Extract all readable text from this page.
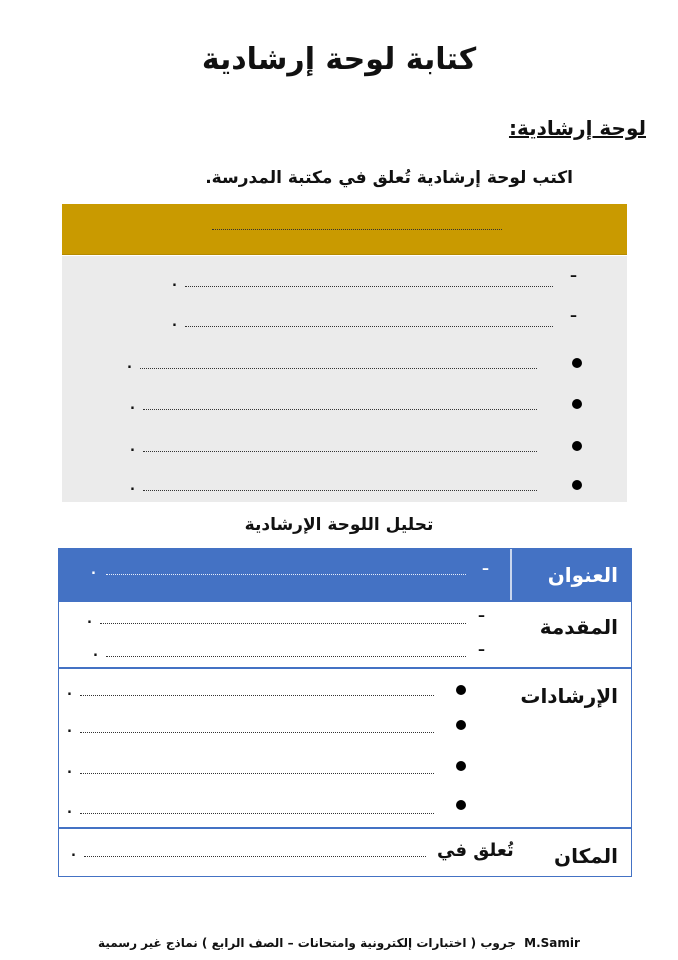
كتابة لوحة إرشادية
لوحة إرشادية:
اكتب لوحة إرشادية تُعلق في مكتبة المدرسة.
–
.
–
.
.
.
.
.
تحليل اللوحة الإرشادية
العنوان
–
.
المقدمة
–
.
–
.
الإرشادات
.
.
.
.
المكان
تُعلق في
.
جروب ( اختبارات إلكترونية وامتحانات – الصف الرابع ) نماذج غير رسمية M.Samir
